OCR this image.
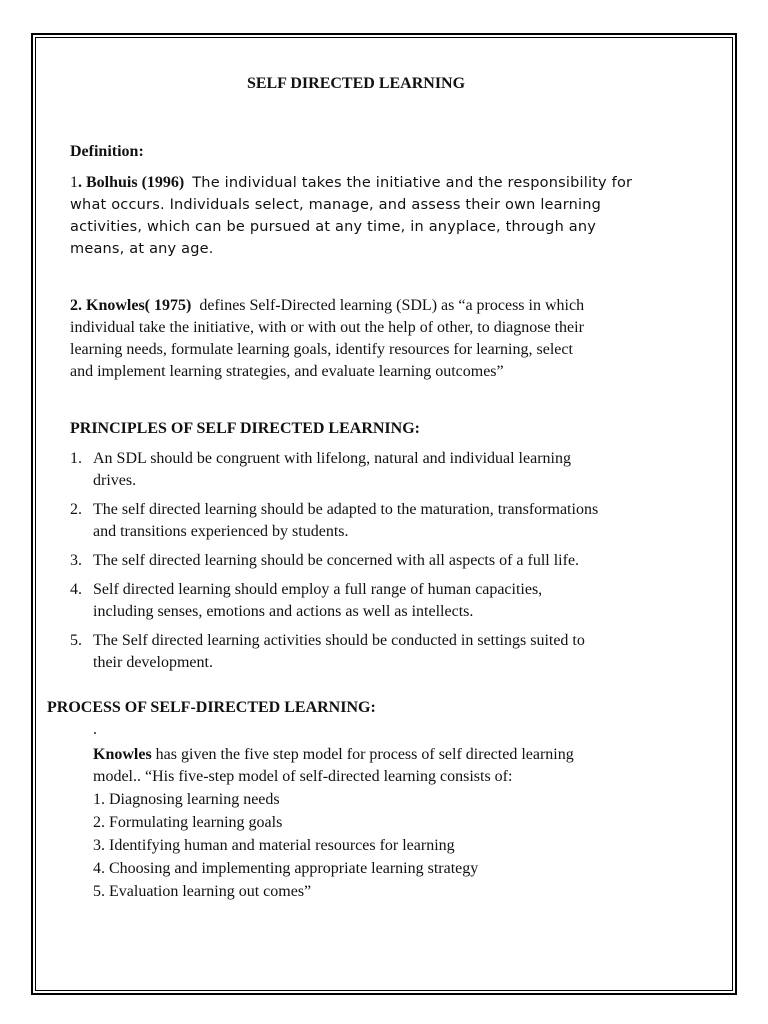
SELF DIRECTED LEARNING
Definition:
1. Bolhuis (1996) The individual takes the initiative and the responsibility for
what occurs. Individuals select, manage, and assess their own learning
activities, which can be pursued at any time, in anyplace, through any
means, at any age.
2. Knowles( 1975) defines Self-Directed learning (SDL) as “a process in which
individual take the initiative, with or with out the help of other, to diagnose their
learning needs, formulate learning goals, identify resources for learning, select
and implement learning strategies, and evaluate learning outcomes”
PRINCIPLES OF SELF DIRECTED LEARNING:
1. An SDL should be congruent with lifelong, natural and individual learning
drives.
2. The self directed learning should be adapted to the maturation, transformations
and transitions experienced by students.
3. The self directed learning should be concerned with all aspects of a full life.
4. Self directed learning should employ a full range of human capacities,
including senses, emotions and actions as well as intellects.
5. The Self directed learning activities should be conducted in settings suited to
their development.
PROCESS OF SELF-DIRECTED LEARNING:
.
Knowles has given the five step model for process of self directed learning
model.. “His five-step model of self-directed learning consists of:
1. Diagnosing learning needs
2. Formulating learning goals
3. Identifying human and material resources for learning
4. Choosing and implementing appropriate learning strategy
5. Evaluation learning out comes”
